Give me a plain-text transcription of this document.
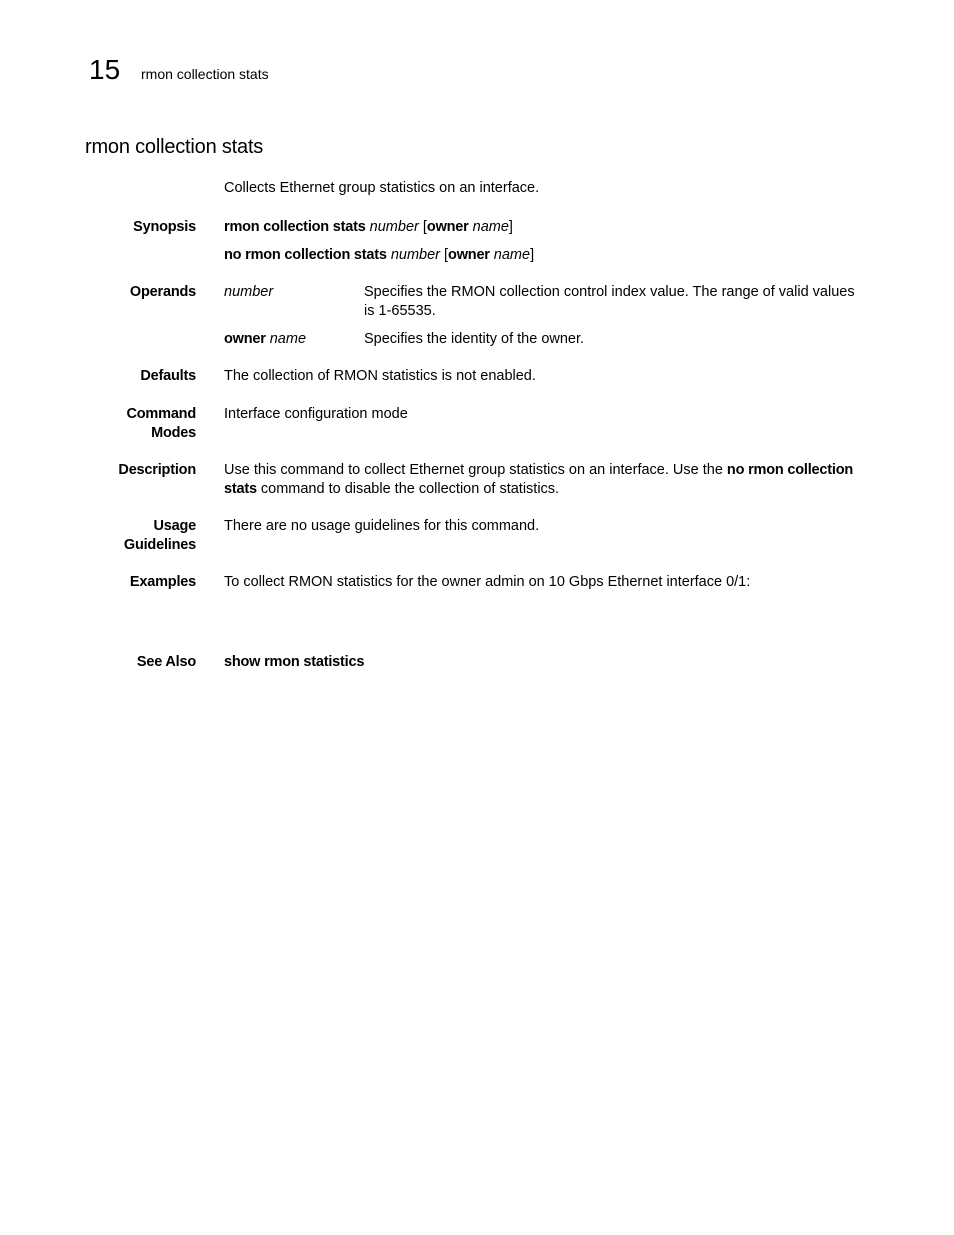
15 rmon collection stats
rmon collection stats
Collects Ethernet group statistics on an interface.
Synopsis rmon collection stats number [owner name]
no rmon collection stats number [owner name]
Operands number	Specifies the RMON collection control index value. The range of valid values is 1-65535.
owner name	Specifies the identity of the owner.
Defaults The collection of RMON statistics is not enabled.
Command
Modes
Interface configuration mode
Description Use this command to collect Ethernet group statistics on an interface. Use the no rmon collection stats command to disable the collection of statistics.
Usage
Guidelines
There are no usage guidelines for this command.
Examples To collect RMON statistics for the owner admin on 10 Gbps Ethernet interface 0/1:
See Also show rmon statistics
